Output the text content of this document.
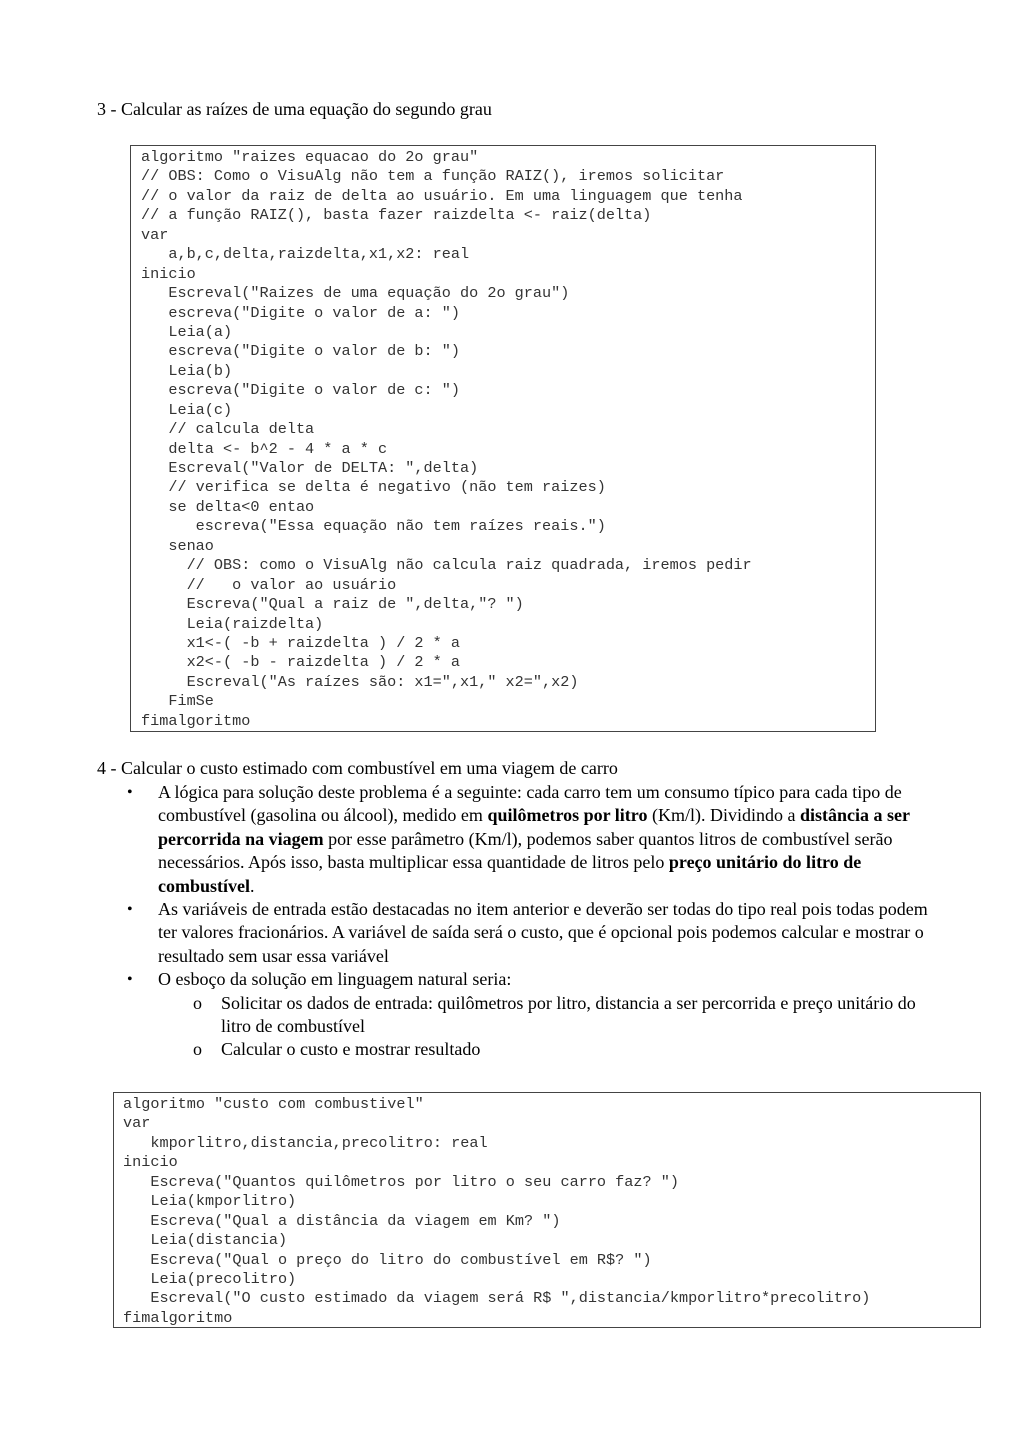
3 - Calcular as raízes de uma equação do segundo grau
algoritmo "raizes equacao do 2o grau"
// OBS: Como o VisuAlg não tem a função RAIZ(), iremos solicitar
// o valor da raiz de delta ao usuário. Em uma linguagem que tenha
// a função RAIZ(), basta fazer raizdelta <- raiz(delta)
var
a,b,c,delta,raizdelta,x1,x2: real
inicio
Escreval("Raizes de uma equação do 2o grau")
escreva("Digite o valor de a: ")
Leia(a)
escreva("Digite o valor de b: ")
Leia(b)
escreva("Digite o valor de c: ")
Leia(c)
// calcula delta
delta <- b^2 - 4 * a * c
Escreval("Valor de DELTA: ",delta)
// verifica se delta é negativo (não tem raizes)
se delta<0 entao
escreva("Essa equação não tem raízes reais.")
senao
// OBS: como o VisuAlg não calcula raiz quadrada, iremos pedir
//   o valor ao usuário
Escreva("Qual a raiz de ",delta,"? ")
Leia(raizdelta)
x1<-( -b + raizdelta ) / 2 * a
x2<-( -b - raizdelta ) / 2 * a
Escreval("As raízes são: x1=",x1," x2=",x2)
FimSe
fimalgoritmo
4 - Calcular o custo estimado com combustível em uma viagem de carro
• A lógica para solução deste problema é a seguinte: cada carro tem um consumo típico para cada tipo de combustível (gasolina ou álcool), medido em quilômetros por litro (Km/l). Dividindo a distância a ser percorrida na viagem por esse parâmetro (Km/l), podemos saber quantos litros de combustível serão necessários. Após isso, basta multiplicar essa quantidade de litros pelo preço unitário do litro de combustível.
• As variáveis de entrada estão destacadas no item anterior e deverão ser todas do tipo real pois todas podem ter valores fracionários. A variável de saída será o custo, que é opcional pois podemos calcular e mostrar o resultado sem usar essa variável
• O esboço da solução em linguagem natural seria:
o Solicitar os dados de entrada: quilômetros por litro, distancia a ser percorrida e preço unitário do litro de combustível
o Calcular o custo e mostrar resultado
algoritmo "custo com combustivel"
var
kmporlitro,distancia,precolitro: real
inicio
Escreva("Quantos quilômetros por litro o seu carro faz? ")
Leia(kmporlitro)
Escreva("Qual a distância da viagem em Km? ")
Leia(distancia)
Escreva("Qual o preço do litro do combustível em R$? ")
Leia(precolitro)
Escreval("O custo estimado da viagem será R$ ",distancia/kmporlitro*precolitro)
fimalgoritmo
